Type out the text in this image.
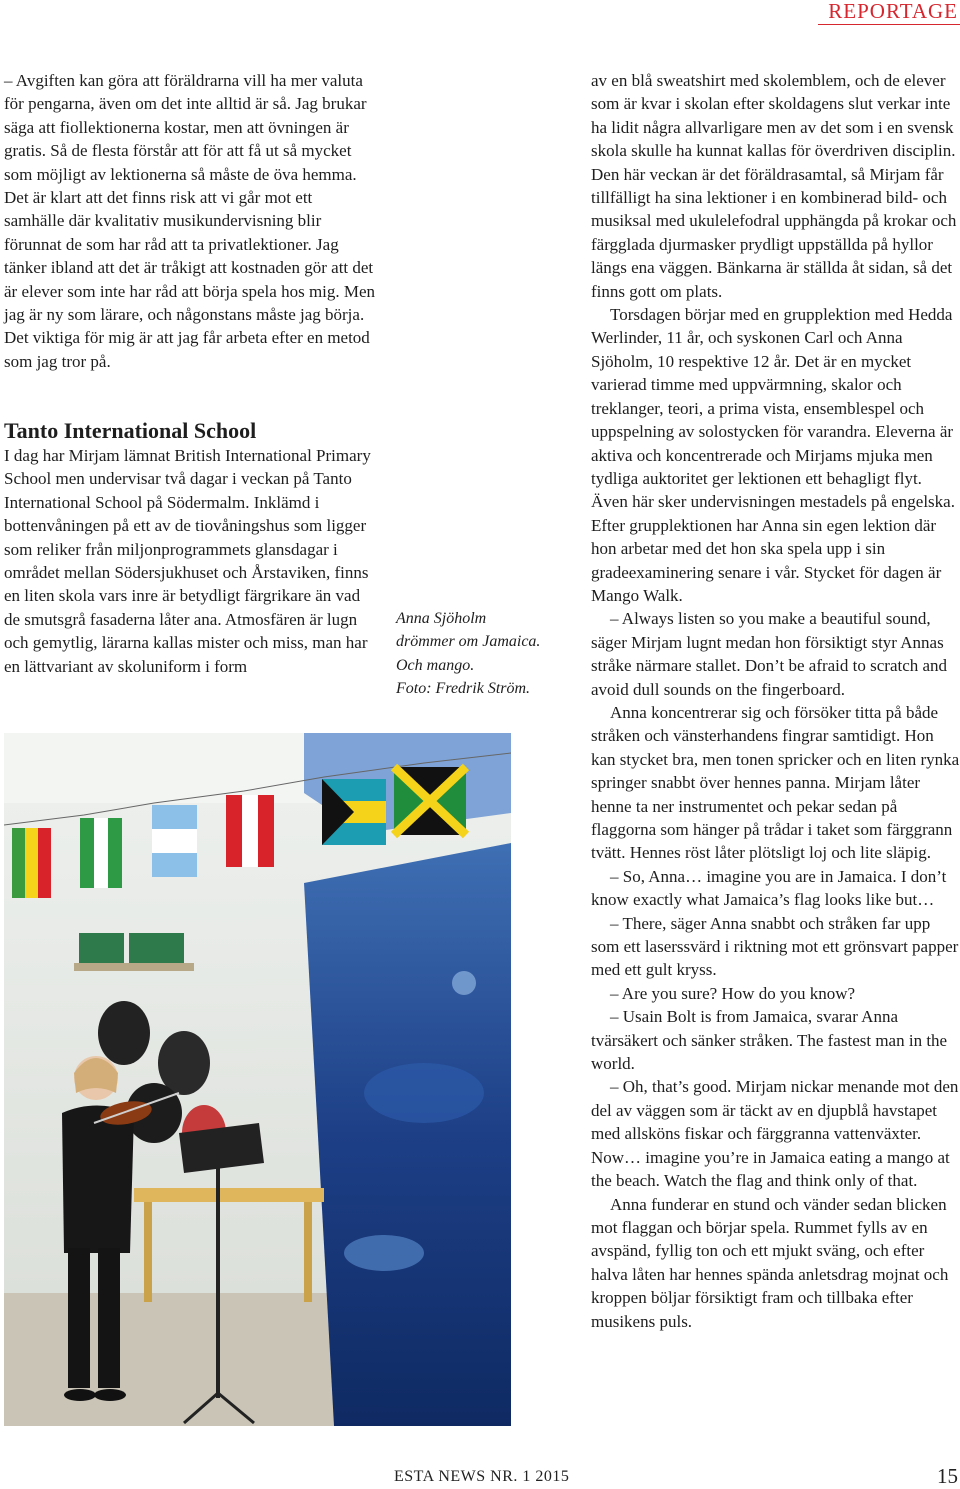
REPORTAGE

– Avgiften kan göra att föräldrarna vill ha mer valuta för pengarna, även om det inte alltid är så. Jag brukar säga att fiollektionerna kostar, men att övningen är gratis. Så de flesta förstår att för att få ut så mycket som möjligt av lektionerna så måste de öva hemma. Det är klart att det finns risk att vi går mot ett samhälle där kvalitativ musikundervisning blir förunnat de som har råd att ta privatlektioner. Jag tänker ibland att det är tråkigt att kostnaden gör att det är elever som inte har råd att börja spela hos mig. Men jag är ny som lärare, och någonstans måste jag börja. Det viktiga för mig är att jag får arbeta efter en metod som jag tror på.

Tanto International School

I dag har Mirjam lämnat British International Primary School men undervisar två dagar i veckan på Tanto International School på Södermalm. Inklämd i bottenvåningen på ett av de tiovåningshus som ligger som reliker från miljonprogrammets glansdagar i området mellan Södersjukhuset och Årstaviken, finns en liten skola vars inre är betydligt färgrikare än vad de smutsgrå fasaderna låter ana. Atmosfären är lugn och gemytlig, lärarna kallas mister och miss, man har en lättvariant av skoluniform i form

Anna Sjöholm
drömmer om Jamaica.
Och mango.
Foto: Fredrik Ström.

av en blå sweatshirt med skolemblem, och de elever som är kvar i skolan efter skoldagens slut verkar inte ha lidit några allvarligare men av det som i en svensk skola skulle ha kunnat kallas för överdriven disciplin. Den här veckan är det föräldrasamtal, så Mirjam får tillfälligt ha sina lektioner i en kombinerad bild- och musiksal med ukulelefodral upphängda på krokar och färgglada djurmasker prydligt uppställda på hyllor längs ena väggen. Bänkarna är ställda åt sidan, så det finns gott om plats.

Torsdagen börjar med en grupplektion med Hedda Werlinder, 11 år, och syskonen Carl och Anna Sjöholm, 10 respektive 12 år. Det är en mycket varierad timme med uppvärmning, skalor och treklanger, teori, a prima vista, ensemblespel och uppspelning av solostycken för varandra. Eleverna är aktiva och koncentrerade och Mirjams mjuka men tydliga auktoritet ger lektionen ett behagligt flyt. Även här sker undervisningen mestadels på engelska. Efter grupplektionen har Anna sin egen lektion där hon arbetar med det hon ska spela upp i sin gradeexaminering senare i vår. Stycket för dagen är Mango Walk.

– Always listen so you make a beautiful sound, säger Mirjam lugnt medan hon försiktigt styr Annas stråke närmare stallet. Don’t be afraid to scratch and avoid dull sounds on the fingerboard.

Anna koncentrerar sig och försöker titta på både stråken och vänsterhandens fingrar samtidigt. Hon kan stycket bra, men tonen spricker och en liten rynka springer snabbt över hennes panna. Mirjam låter henne ta ner instrumentet och pekar sedan på flaggorna som hänger på trådar i taket som färggrann tvätt. Hennes röst låter plötsligt loj och lite släpig.

– So, Anna… imagine you are in Jamaica. I don’t know exactly what Jamaica’s flag looks like but…

– There, säger Anna snabbt och stråken far upp som ett laserssvärd i riktning mot ett grönsvart papper med ett gult kryss.

– Are you sure? How do you know?

– Usain Bolt is from Jamaica, svarar Anna tvärsäkert och sänker stråken. The fastest man in the world.

– Oh, that’s good. Mirjam nickar menande mot den del av väggen som är täckt av en djupblå havstapet med allsköns fiskar och färggranna vattenväxter. Now… imagine you’re in Jamaica eating a mango at the beach. Watch the flag and think only of that.

Anna funderar en stund och vänder sedan blicken mot flaggan och börjar spela. Rummet fylls av en avspänd, fyllig ton och ett mjukt sväng, och efter halva låten har hennes spända anletsdrag mojnat och kroppen böljar försiktigt fram och tillbaka efter musikens puls.

ESTA NEWS NR. 1 2015	15
